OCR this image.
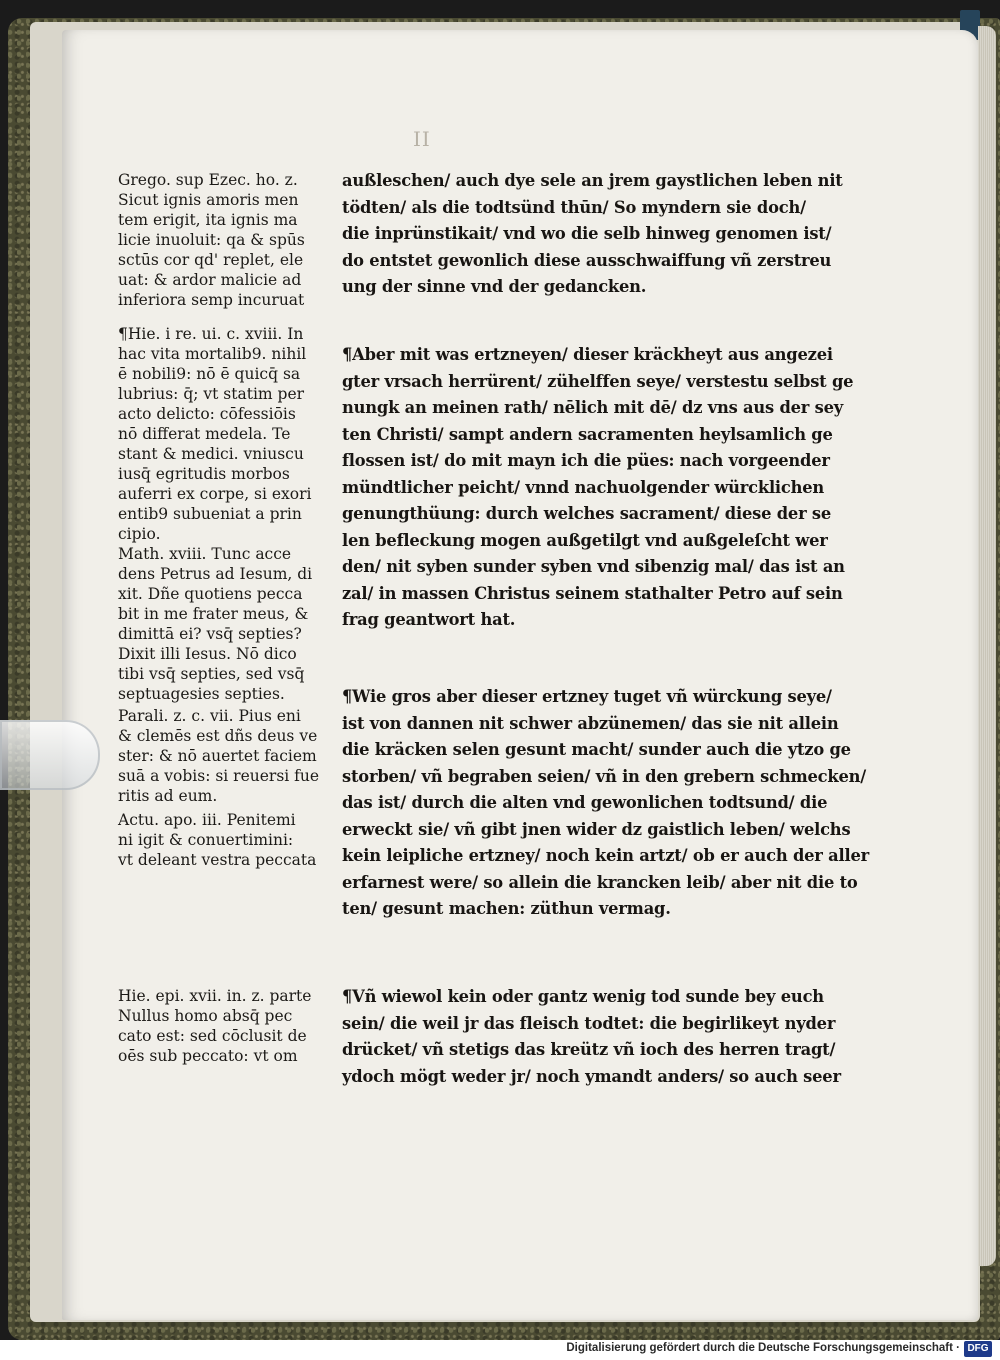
II
Grego. sup Ezec. ho. z.
Sicut ignis amoris men
tem erigit, ita ignis ma
licie inuoluit: qa & spūs
sctūs cor qd' replet, ele
uat: & ardor malicie ad
inferiora semp incuruat
¶Hie. i re. ui. c. xviii. In
hac vita mortalib9. nihil
ē nobili9: nō ē quicq̄ sa
lubrius: q̄; vt statim per
acto delicto: cōfessiōis
nō differat medela. Te
stant & medici. vniuscu
iusq̄ egritudis morbos
auferri ex corpe, si exori
entib9 subueniat a prin
cipio.
Math. xviii. Tunc acce
dens Petrus ad Iesum, di
xit. Dñe quotiens pecca
bit in me frater meus, &
dimittā ei? vsq̄ septies?
Dixit illi Iesus. Nō dico
tibi vsq̄ septies, sed vsq̄
septuagesies septies.
Parali. z. c. vii. Pius eni
& clemēs est dñs deus ve
ster: & nō auertet faciem
suā a vobis: si reuersi fue
ritis ad eum.
Actu. apo. iii. Penitemi
ni igit & conuertimini:
vt deleant vestra peccata
Hie. epi. xvii. in. z. parte
Nullus homo absq̄ pec
cato est: sed cōclusit de
oēs sub peccato: vt om
außleschen/ auch dye sele an jrem gaystlichen leben nit
tödten/ als die todtsünd thūn/ So myndern sie doch/
die inprünstikait/ vnd wo die selb hinweg genomen ist/
do entstet gewonlich diese ausschwaiffung vñ zerstreu
ung der sinne vnd der gedancken.
¶Aber mit was ertzneyen/ dieser kräckheyt aus angezei
gter vrsach herrürent/ zühelffen seye/ verstestu selbst ge
nungk an meinen rath/ nēlich mit dē/ dz vns aus der sey
ten Christi/ sampt andern sacramenten heylsamlich ge
flossen ist/ do mit mayn ich die pües: nach vorgeender
mündtlicher peicht/ vnnd nachuolgender würcklichen
genungthüung: durch welches sacrament/ diese der se
len befleckung mogen außgetilgt vnd außgeleſcht wer
den/ nit syben sunder syben vnd sibenzig mal/ das ist an
zal/ in massen Christus seinem stathalter Petro auf sein
frag geantwort hat.
¶Wie gros aber dieser ertzney tuget vñ würckung seye/
ist von dannen nit schwer abzünemen/ das sie nit allein
die kräcken selen gesunt macht/ sunder auch die ytzo ge
storben/ vñ begraben seien/ vñ in den grebern schmecken/
das ist/ durch die alten vnd gewonlichen todtsund/ die
erweckt sie/ vñ gibt jnen wider dz gaistlich leben/ welchs
kein leipliche ertzney/ noch kein artzt/ ob er auch der aller
erfarnest were/ so allein die krancken leib/ aber nit die to
ten/ gesunt machen: züthun vermag.
¶Vñ wiewol kein oder gantz wenig tod sunde bey euch
sein/ die weil jr das fleisch todtet: die begirlikeyt nyder
drücket/ vñ stetigs das kreütz vñ ioch des herren tragt/
ydoch mögt weder jr/ noch ymandt anders/ so auch seer
Digitalisierung gefördert durch die Deutsche Forschungsgemeinschaft · DFG
